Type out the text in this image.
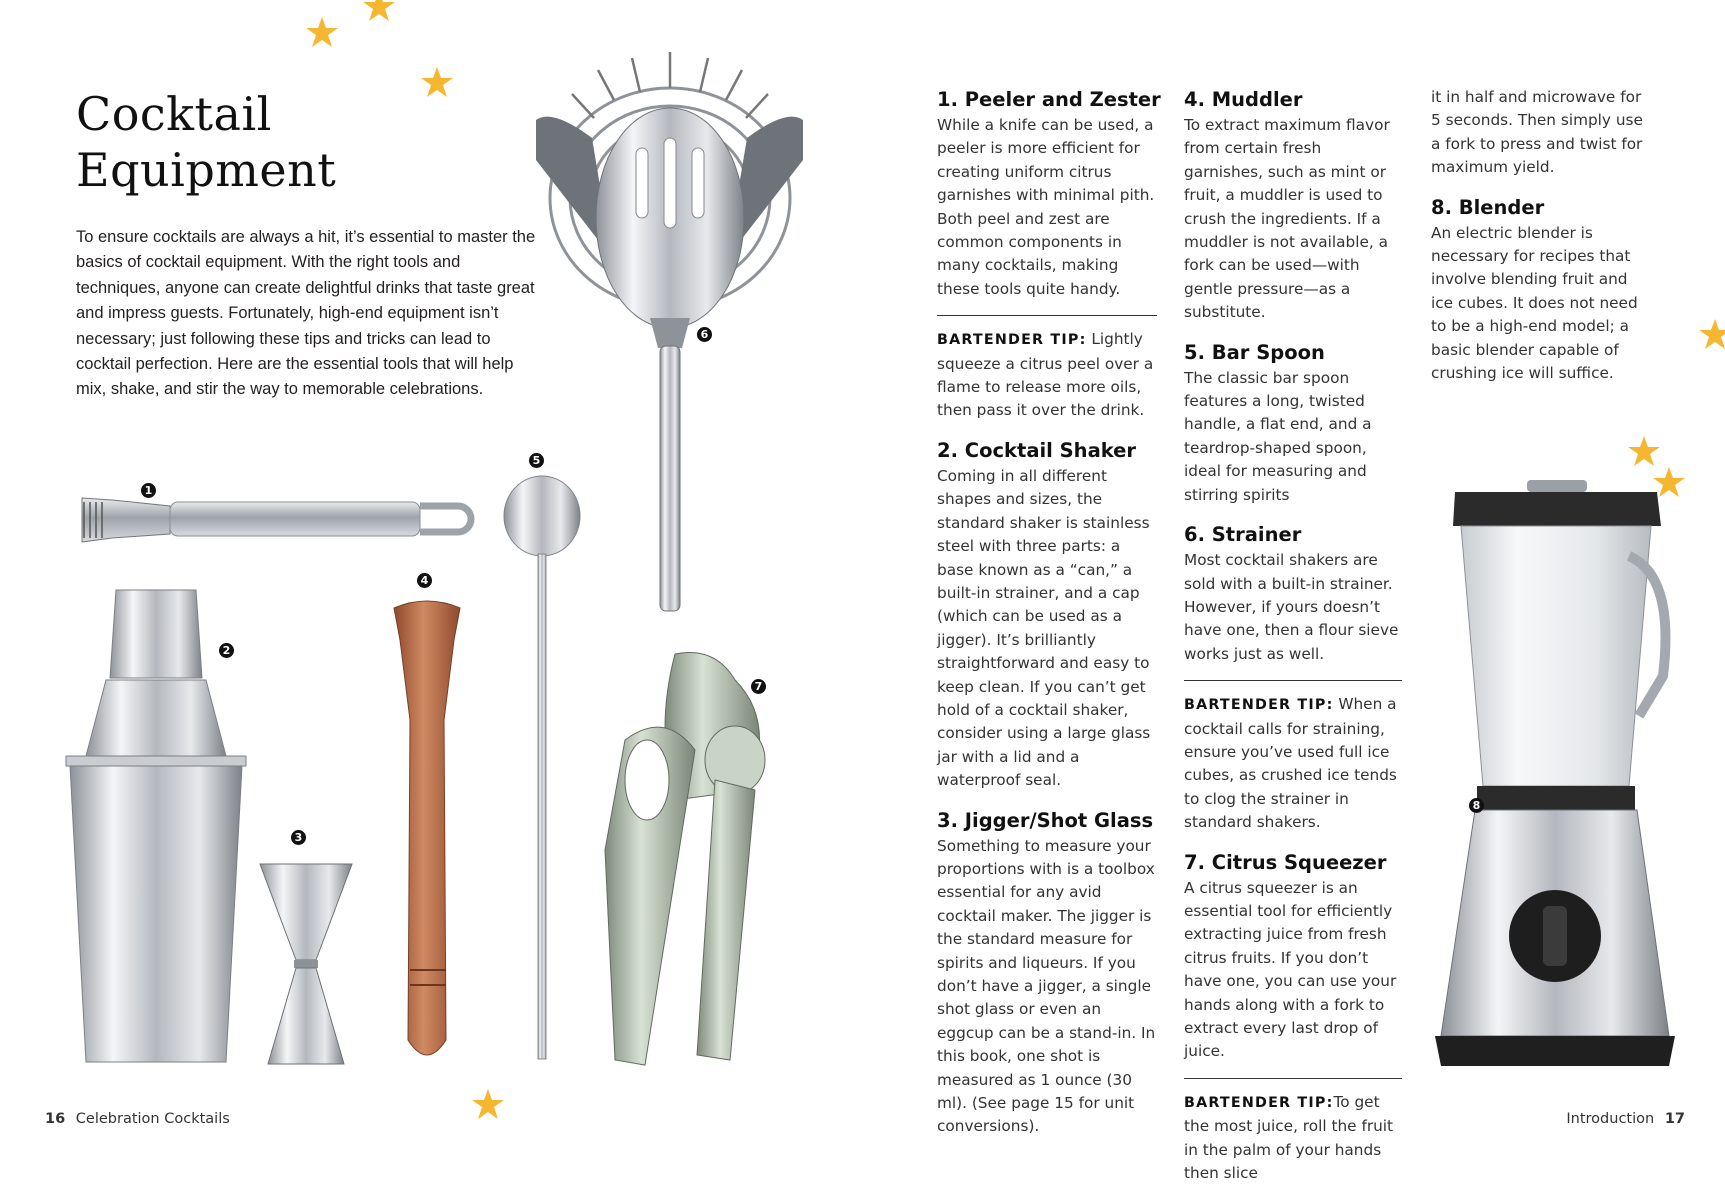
Cocktail
Equipment
To ensure cocktails are always a hit, it’s essential to master the basics of cocktail equipment. With the right tools and techniques, anyone can create delightful drinks that taste great and impress guests. Fortunately, high-end equipment isn’t necessary; just following these tips and tricks can lead to cocktail perfection. Here are the essential tools that will help mix, shake, and stir the way to memorable celebrations.
1
2
3
4
5
6
7
8
1. Peeler and Zester

While a knife can be used, a peeler is more efficient for creating uniform citrus garnishes with minimal pith. Both peel and zest are common components in many cocktails, making these tools quite handy.

BARTENDER TIP: Lightly squeeze a citrus peel over a flame to release more oils, then pass it over the drink.

2. Cocktail Shaker

Coming in all different shapes and sizes, the standard shaker is stainless steel with three parts: a base known as a “can,” a built-in strainer, and a cap (which can be used as a jigger). It’s brilliantly straightforward and easy to keep clean. If you can’t get hold of a cocktail shaker, consider using a large glass jar with a lid and a waterproof seal.

3. Jigger/Shot Glass

Something to measure your proportions with is a toolbox essential for any avid cocktail maker. The jigger is the standard measure for spirits and liqueurs. If you don’t have a jigger, a single shot glass or even an eggcup can be a stand-in. In this book, one shot is measured as 1 ounce (30 ml). (See page 15 for unit conversions).

4. Muddler

To extract maximum flavor from certain fresh garnishes, such as mint or fruit, a muddler is used to crush the ingredients. If a muddler is not available, a fork can be used—with gentle pressure—as a substitute.

5. Bar Spoon

The classic bar spoon features a long, twisted handle, a flat end, and a teardrop-shaped spoon, ideal for measuring and stirring spirits

6. Strainer

Most cocktail shakers are sold with a built-in strainer. However, if yours doesn’t have one, then a flour sieve works just as well.

BARTENDER TIP: When a cocktail calls for straining, ensure you’ve used full ice cubes, as crushed ice tends to clog the strainer in standard shakers.

7. Citrus Squeezer

A citrus squeezer is an essential tool for efficiently extracting juice from fresh citrus fruits. If you don’t have one, you can use your hands along with a fork to extract every last drop of juice.

BARTENDER TIP:To get the most juice, roll the fruit in the palm of your hands then slice

it in half and microwave for 5 seconds. Then simply use a fork to press and twist for maximum yield.

8. Blender

An electric blender is necessary for recipes that involve blending fruit and ice cubes. It does not need to be a high-end model; a basic blender capable of crushing ice will suffice.

16 Celebration Cocktails	Introduction 17
